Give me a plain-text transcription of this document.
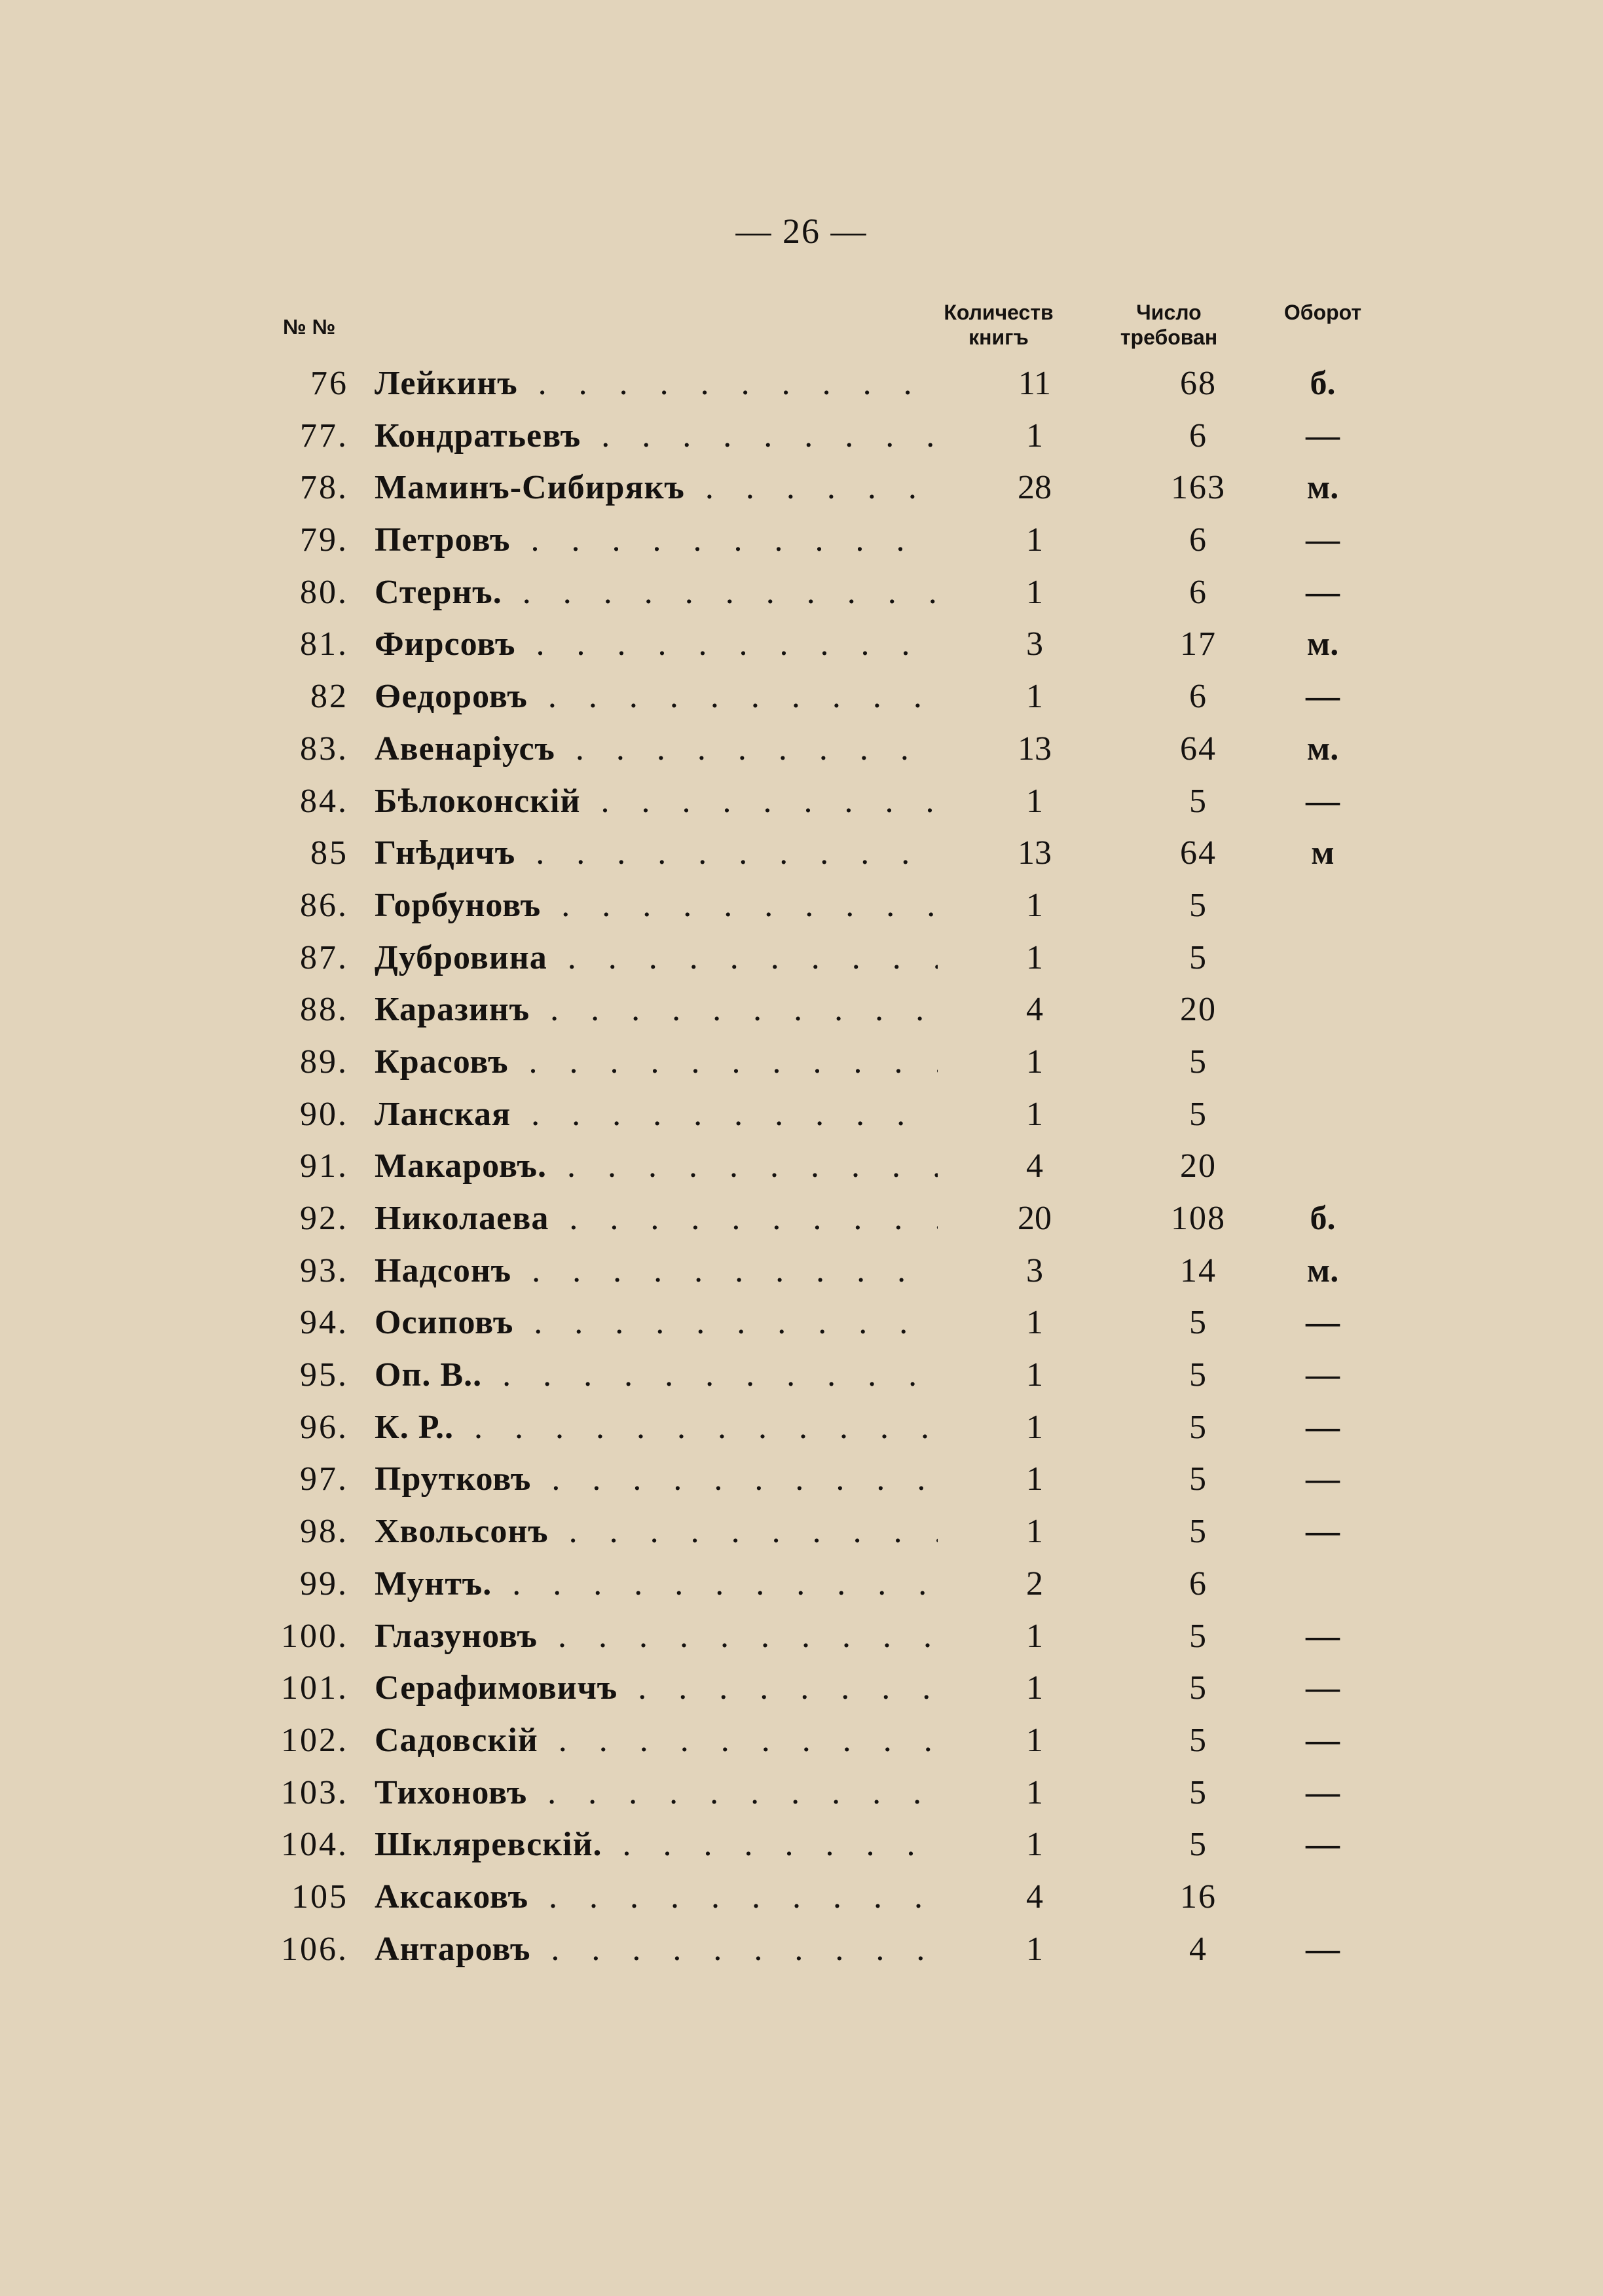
— 26 —
№ №
Количеств книгъ
Число требован
Оборот
76 Лейкинъ . . .	11	68	б.
77. Кондратьевъ . . .	1	6	—
78. Маминъ-Сибирякъ . . .	28	163	м.
79. Петровъ . . .	1	6	—
80. Стернъ. . . .	1	6	—
81. Фирсовъ . . .	3	17	м.
82 Өедоровъ . . .	1	6	—
83. Авенаріусъ . . .	13	64	м.
84. Бѣлоконскій . . .	1	5	—
85 Гнѣдичъ . . .	13	64	м
86. Горбуновъ . . .	1	5
87. Дубровина . . .	1	5
88. Каразинъ . . .	4	20
89. Красовъ . . .	1	5
90. Ланская . . .	1	5
91. Макаровъ. . . .	4	20
92. Николаева . . .	20	108	б.
93. Надсонъ . . .	3	14	м.
94. Осиповъ . . .	1	5	—
95. Оп. В.. . . .	1	5	—
96. К. Р.. . . .	1	5	—
97. Прутковъ . . .	1	5	—
98. Хвольсонъ . . .	1	5	—
99. Мунтъ. . . .	2	6
100. Глазуновъ . . .	1	5	—
101. Серафимовичъ . . .	1	5	—
102. Садовскій . . .	1	5	—
103. Тихоновъ . . .	1	5	—
104. Шкляревскій. . . .	1	5	—
105 Аксаковъ . . .	4	16
106. Антаровъ . . .	1	4	—
